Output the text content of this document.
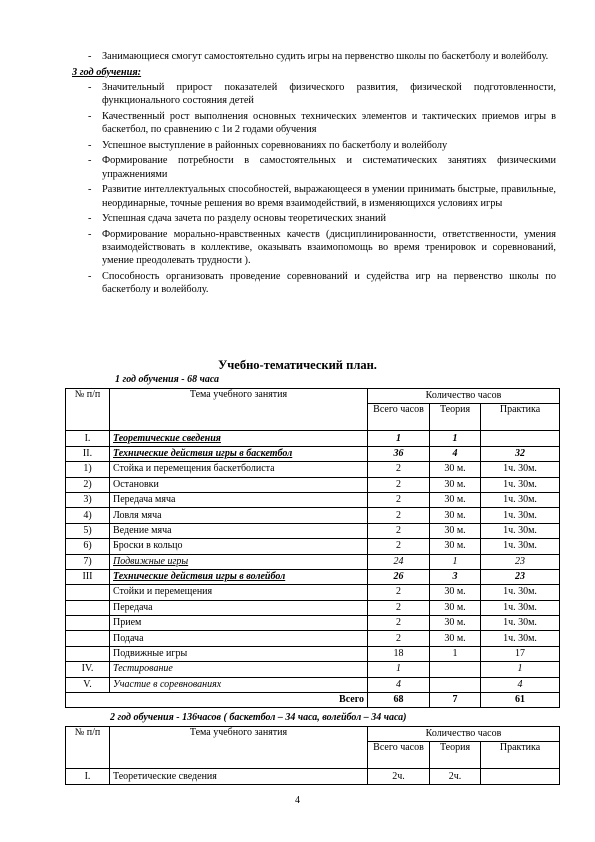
- Занимающиеся смогут самостоятельно судить игры на первенство школы по баскетболу и волейболу.
3 год обучения:
- Значительный прирост показателей физического развития, физической подготовленности, функционального состояния детей
- Качественный рост выполнения основных технических элементов и тактических приемов игры в баскетбол, по сравнению с 1и 2 годами обучения
- Успешное выступление в районных соревнованиях по баскетболу и волейболу
- Формирование потребности в самостоятельных и систематических занятиях физическими упражнениями
- Развитие интеллектуальных способностей, выражающееся в умении принимать быстрые, правильные, неординарные, точные решения во время взаимодействий, в изменяющихся условиях игры
- Успешная сдача зачета по разделу основы теоретических знаний
- Формирование морально-нравственных качеств (дисциплинированности, ответственности, умения взаимодействовать в коллективе, оказывать взаимопомощь во время тренировок и соревнований, умение преодолевать трудности ).
- Способность организовать проведение соревнований и судейства игр на первенство школы по баскетболу и волейболу.
Учебно-тематический план.
1 год обучения - 68 часа
№ п/п	Тема учебного занятия	Количество часов		
		Всего часов	Теория	Практика
I.	Теоретические сведения	1	1	
II.	Технические действия игры в баскетбол	36	4	32
1)	Стойка и перемещения баскетболиста	2	30 м.	1ч. 30м.
2)	Остановки	2	30 м.	1ч. 30м.
3)	Передача мяча	2	30 м.	1ч. 30м.
4)	Ловля мяча	2	30 м.	1ч. 30м.
5)	Ведение мяча	2	30 м.	1ч. 30м.
6)	Броски в кольцо	2	30 м.	1ч. 30м.
7)	Подвижные игры	24	1	23
III	Технические действия игры в волейбол	26	3	23
	Стойки и перемещения	2	30 м.	1ч. 30м.
	Передача	2	30 м.	1ч. 30м.
	Прием	2	30 м.	1ч. 30м.
	Подача	2	30 м.	1ч. 30м.
	Подвижные игры	18	1	17
IV.	Тестирование	1		1
V.	Участие в соревнованиях	4		4
Всего		68	7	61
2 год обучения - 136часов ( баскетбол – 34 часа, волейбол – 34 часа)
№ п/п	Тема учебного занятия	Количество часов		
		Всего часов	Теория	Практика
I.	Теоретические сведения	2ч.	2ч.	
4
